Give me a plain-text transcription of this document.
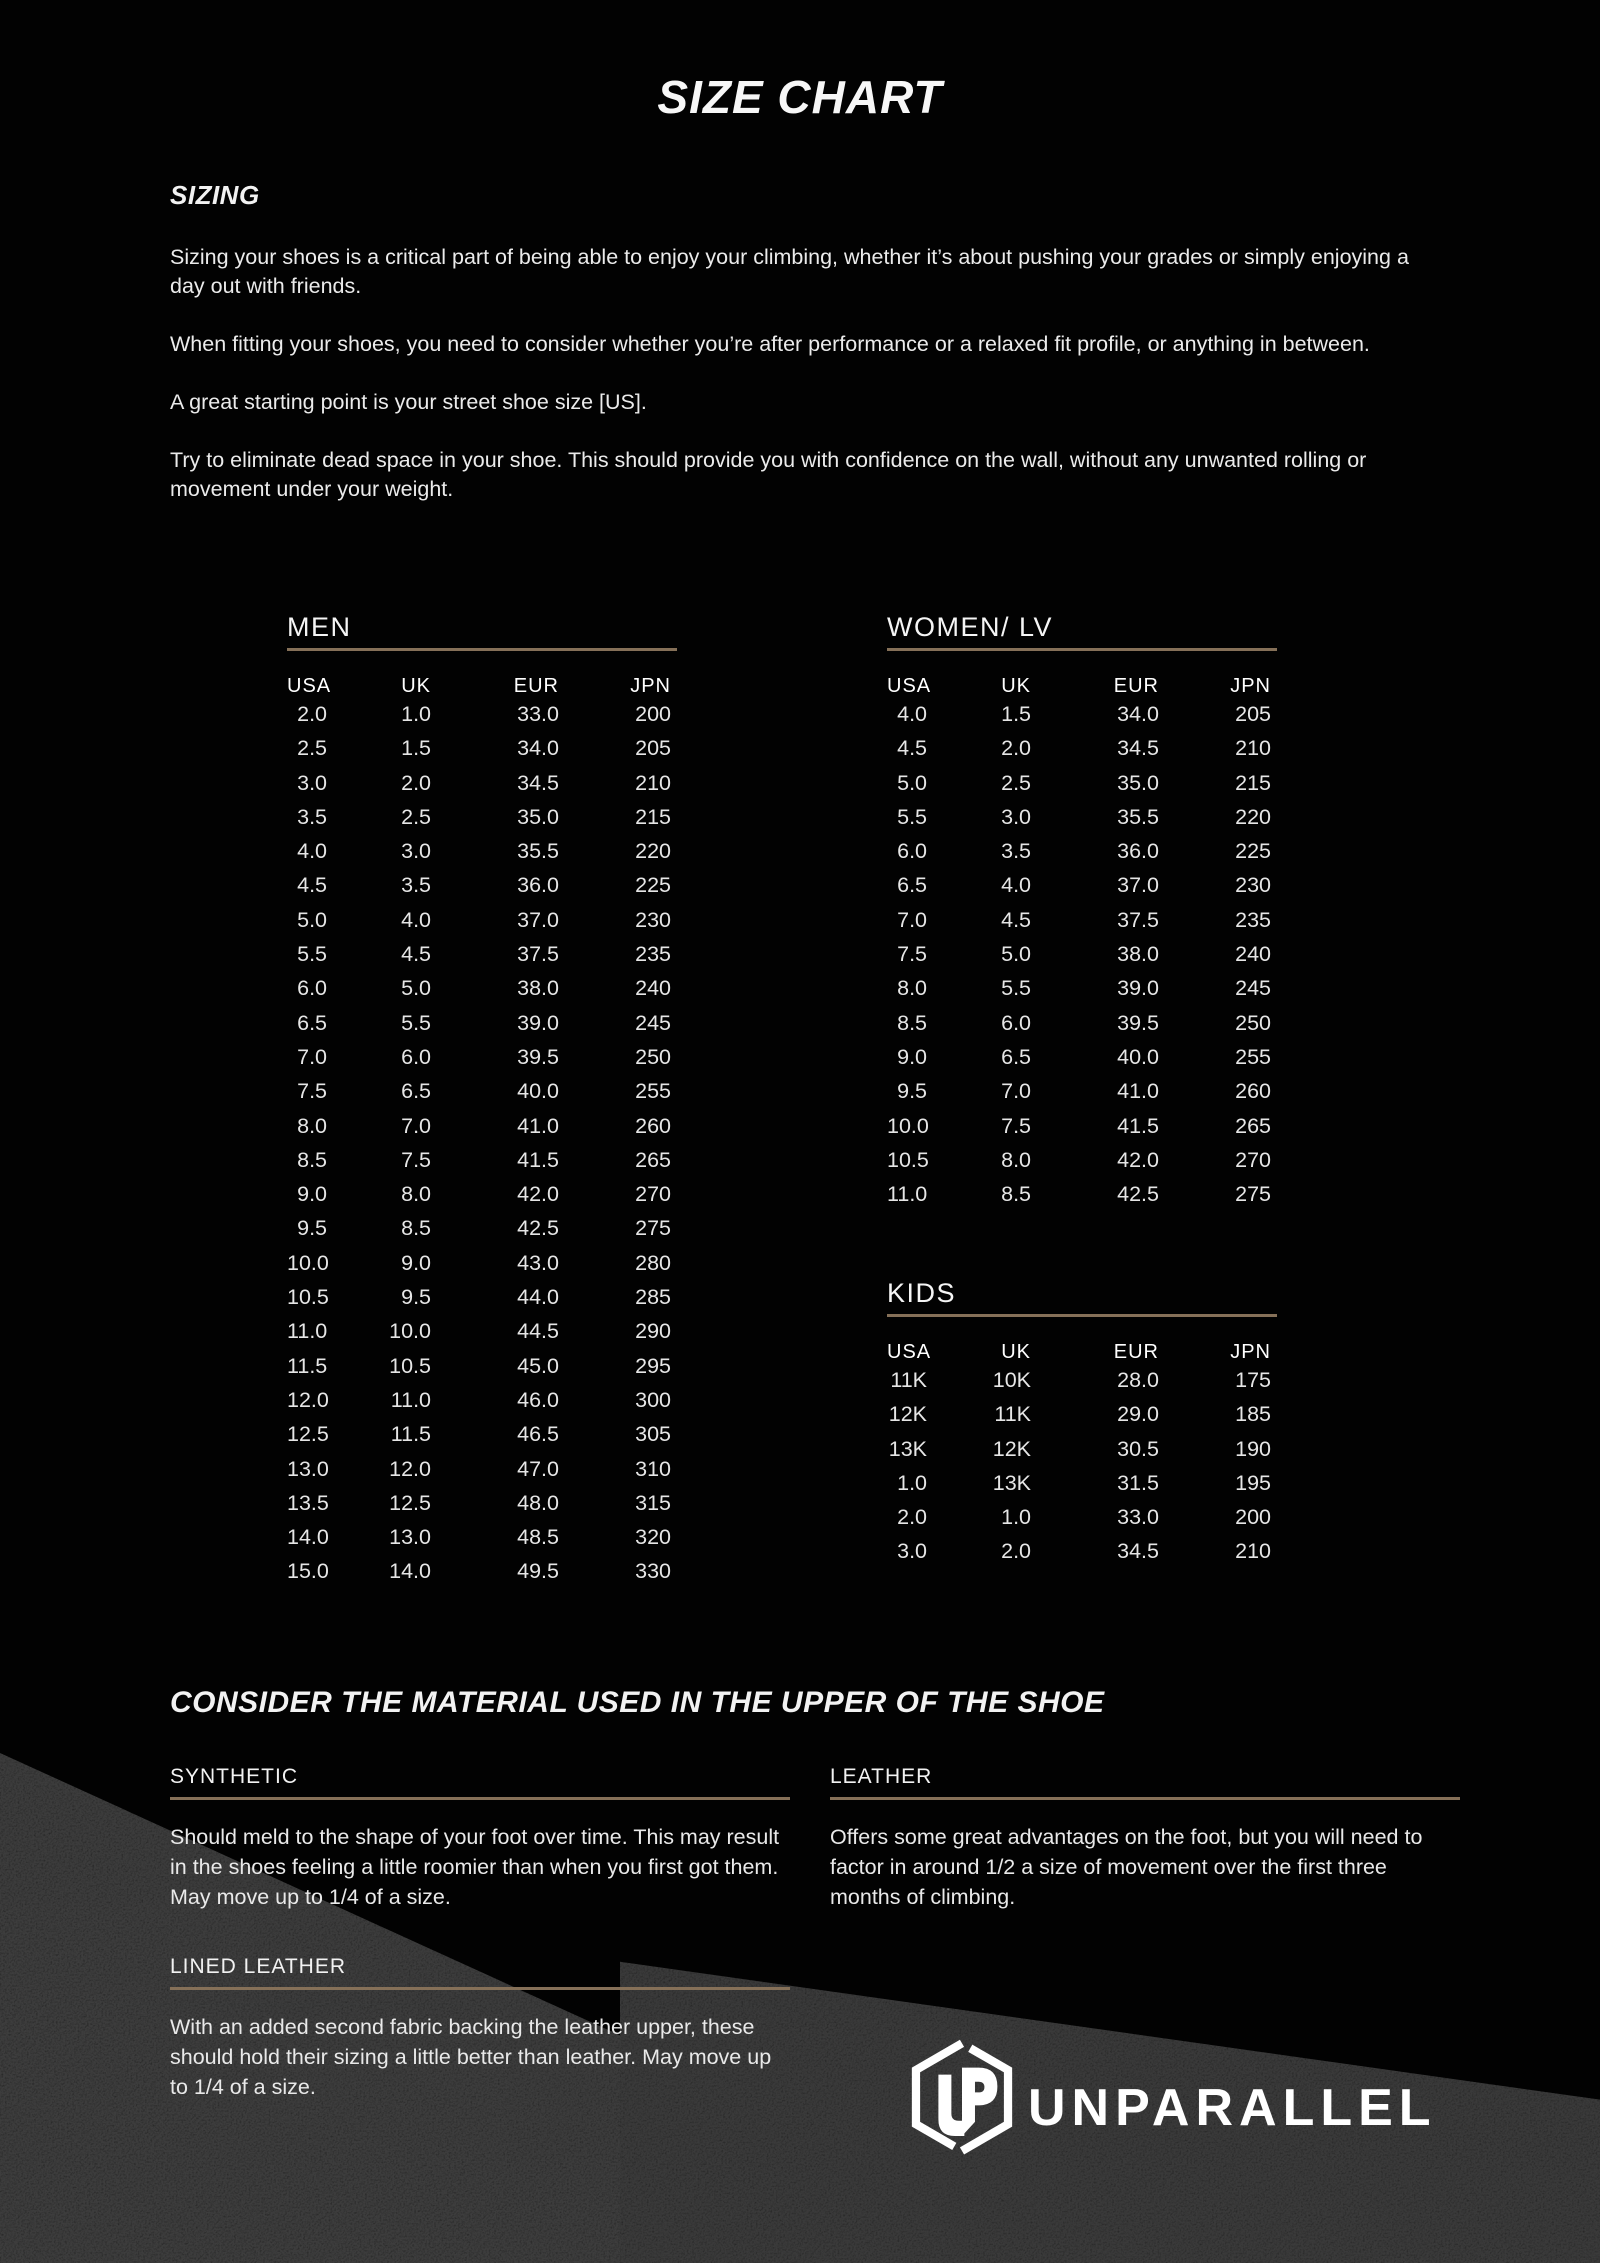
SIZE CHART
SIZING

Sizing your shoes is a critical part of being able to enjoy your climbing, whether it’s about pushing your grades or simply enjoying a day out with friends.

When fitting your shoes, you need to consider whether you’re after performance or a relaxed fit profile, or anything in between.

A great starting point is your street shoe size [US].

Try to eliminate dead space in your shoe. This should provide you with confidence on the wall, without any unwanted rolling or movement under your weight.

MEN
USA	UK	EUR	JPN
2.0	1.0	33.0	200
2.5	1.5	34.0	205
3.0	2.0	34.5	210
3.5	2.5	35.0	215
4.0	3.0	35.5	220
4.5	3.5	36.0	225
5.0	4.0	37.0	230
5.5	4.5	37.5	235
6.0	5.0	38.0	240
6.5	5.5	39.0	245
7.0	6.0	39.5	250
7.5	6.5	40.0	255
8.0	7.0	41.0	260
8.5	7.5	41.5	265
9.0	8.0	42.0	270
9.5	8.5	42.5	275
10.0	9.0	43.0	280
10.5	9.5	44.0	285
11.0	10.0	44.5	290
11.5	10.5	45.0	295
12.0	11.0	46.0	300
12.5	11.5	46.5	305
13.0	12.0	47.0	310
13.5	12.5	48.0	315
14.0	13.0	48.5	320
15.0	14.0	49.5	330
WOMEN/ LV
USA	UK	EUR	JPN
4.0	1.5	34.0	205
4.5	2.0	34.5	210
5.0	2.5	35.0	215
5.5	3.0	35.5	220
6.0	3.5	36.0	225
6.5	4.0	37.0	230
7.0	4.5	37.5	235
7.5	5.0	38.0	240
8.0	5.5	39.0	245
8.5	6.0	39.5	250
9.0	6.5	40.0	255
9.5	7.0	41.0	260
10.0	7.5	41.5	265
10.5	8.0	42.0	270
11.0	8.5	42.5	275
KIDS
USA	UK	EUR	JPN
11K	10K	28.0	175
12K	11K	29.0	185
13K	12K	30.5	190
1.0	13K	31.5	195
2.0	1.0	33.0	200
3.0	2.0	34.5	210
CONSIDER THE MATERIAL USED IN THE UPPER OF THE SHOE
SYNTHETIC

Should meld to the shape of your foot over time. This may result in the shoes feeling a little roomier than when you first got them. May move up to 1/4 of a size.

LEATHER

Offers some great advantages on the foot, but you will need to factor in around 1/2 a size of movement over the first three months of climbing.

LINED LEATHER

With an added second fabric backing the leather upper, these should hold their sizing a little better than leather. May move up to 1/4 of a size.	UNPARALLEL
